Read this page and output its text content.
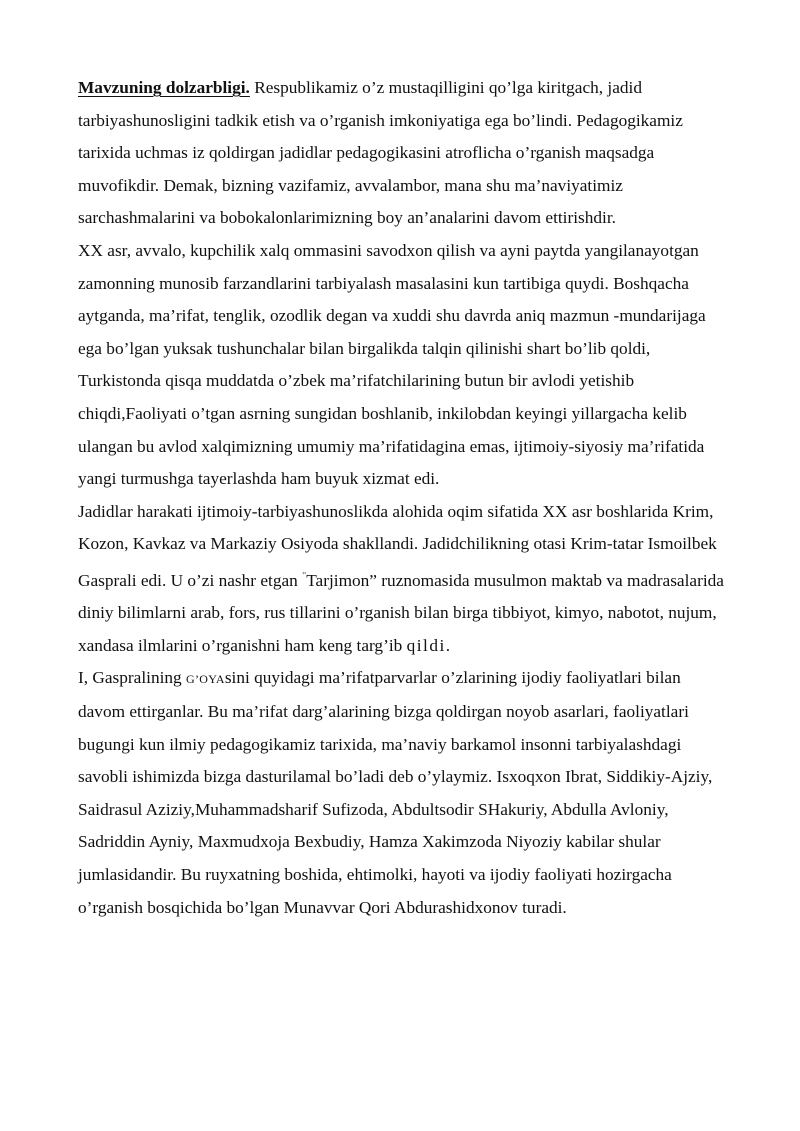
Mavzuning dolzarbligi. Respublikamiz o’z mustaqilligini qo’lga kiritgach, jadid tarbiyashunosligini tadkik etish va o’rganish imkoniyatiga ega bo’lindi. Pedagogikamiz tarixida uchmas iz qoldirgan jadidlar pedagogikasini atroflicha o’rganish maqsadga muvofikdir. Demak, bizning vazifamiz, avvalambor, mana shu ma’naviyatimiz sarchashmalarini va bobokalonlarimizning boy an’analarini davom ettirishdir.

XX asr, avvalo, kupchilik xalq ommasini savodxon qilish va ayni paytda yangilanayotgan zamonning munosib farzandlarini tarbiyalash masalasini kun tartibiga quydi. Boshqacha aytganda, ma’rifat, tenglik, ozodlik degan va xuddi shu davrda aniq mazmun -mundarijaga ega bo’lgan yuksak tushunchalar bilan birgalikda talqin qilinishi shart bo’lib qoldi, Turkistonda qisqa muddatda o’zbek ma’rifatchilarining butun bir avlodi yetishib chiqdi,Faoliyati o’tgan asrning sungidan boshlanib, inkilobdan keyingi yillargacha kelib ulangan bu avlod xalqimizning umumiy ma’rifatidagina emas, ijtimoiy-siyosiy ma’rifatida yangi turmushga tayerlashda ham buyuk xizmat edi.

Jadidlar harakati ijtimoiy-tarbiyashunoslikda alohida oqim sifatida XX asr boshlarida Krim, Kozon, Kavkaz va Markaziy Osiyoda shakllandi. Jadidchilikning otasi Krim-tatar Ismoilbek Gasprali edi. U o’zi nashr etgan "Tarjimon” ruznomasida musulmon maktab va madrasalarida diniy bilimlarni arab, fors, rus tillarini o’rganish bilan birga tibbiyot, kimyo, nabotot, nujum, xandasa ilmlarini o’rganishni ham keng targ’ib qildi.

I, Gaspralining G’OYAsini quyidagi ma’rifatparvarlar o’zlarining ijodiy faoliyatlari bilan davom ettirganlar. Bu ma’rifat darg’alarining bizga qoldirgan noyob asarlari, faoliyatlari bugungi kun ilmiy pedagogikamiz tarixida, ma’naviy barkamol insonni tarbiyalashdagi savobli ishimizda bizga dasturilamal bo’ladi deb o’ylaymiz. Isxoqxon Ibrat, Siddikiy-Ajziy, Saidrasul Aziziy,Muhammadsharif Sufizoda, Abdultsodir SHakuriy, Abdulla Avloniy, Sadriddin Ayniy, Maxmudxoja Bexbudiy, Hamza Xakimzoda Niyoziy kabilar shular jumlasidandir. Bu ruyxatning boshida, ehtimolki, hayoti va ijodiy faoliyati hozirgacha o’rganish bosqichida bo’lgan Munavvar Qori Abdurashidxonov turadi.
